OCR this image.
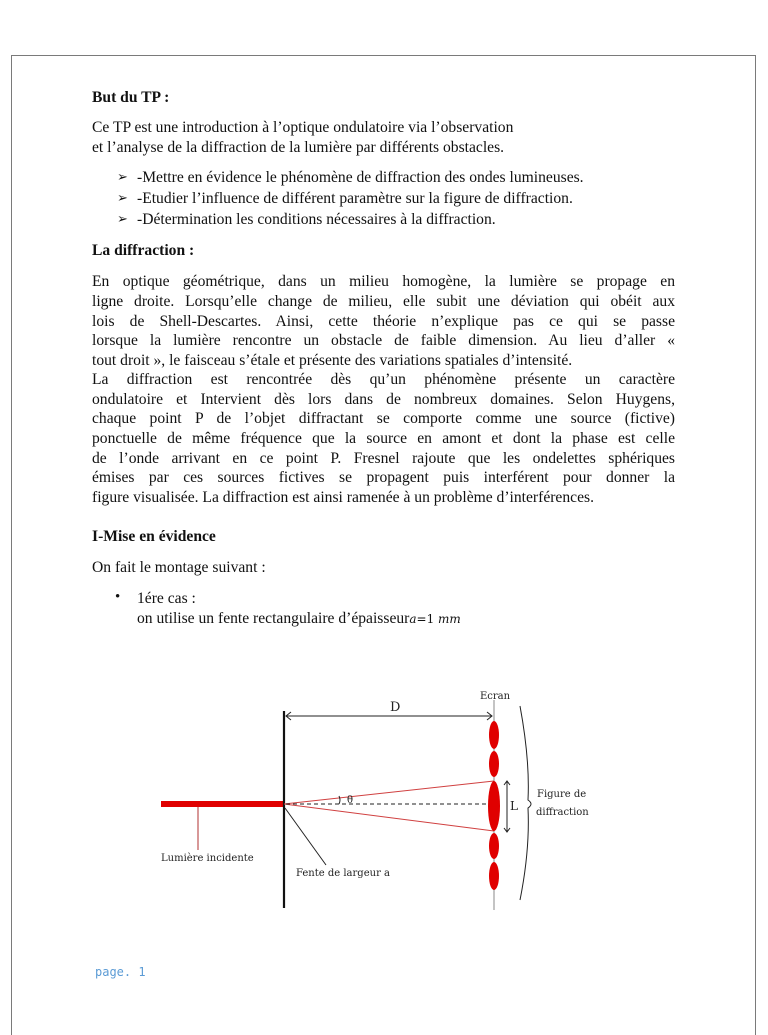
But du TP :
Ce TP est une introduction à l’optique ondulatoire via l’observation
et l’analyse de la diffraction de la lumière par différents obstacles.
➢ -Mettre en évidence le phénomène de diffraction des ondes lumineuses.
➢ -Etudier l’influence de différent paramètre sur la figure de diffraction.
➢ -Détermination les conditions nécessaires à la diffraction.
La diffraction :
En optique géométrique, dans un milieu homogène, la lumière se propage en
ligne droite. Lorsqu’elle change de milieu, elle subit une déviation qui obéit aux
lois de Shell-Descartes. Ainsi, cette théorie n’explique pas ce qui se passe
lorsque la lumière rencontre un obstacle de faible dimension. Au lieu d’aller «
tout droit », le faisceau s’étale et présente des variations spatiales d’intensité.
La diffraction est rencontrée dès qu’un phénomène présente un caractère
ondulatoire et Intervient dès lors dans de nombreux domaines. Selon Huygens,
chaque point P de l’objet diffractant se comporte comme une source (fictive)
ponctuelle de même fréquence que la source en amont et dont la phase est celle
de l’onde arrivant en ce point P. Fresnel rajoute que les ondelettes sphériques
émises par ces sources fictives se propagent puis interférent pour donner la
figure visualisée. La diffraction est ainsi ramenée à un problème d’interférences.
I-Mise en évidence
On fait le montage suivant :
• 1ére cas :
on utilise un fente rectangulaire d’épaisseura=1 mm
Lumière incidente
Fente de largeur a
D
Ecran
θ	L
Figure de
diffraction
page. 1
